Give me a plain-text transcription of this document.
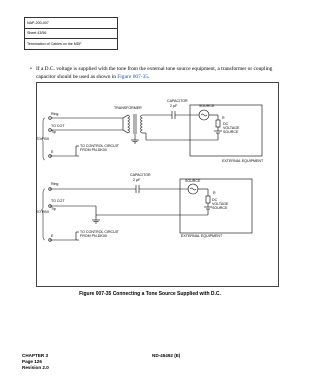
NAP-200-007
Sheet 43/56
Termination of Cables on the MDF
• If a D.C. voltage is supplied with the tone from the external tone source equipment, a transformer or coupling capacitor should be used as shown in Figure 007-35.
Ring
TRANSFORMER
CAPACITOR
2 μF	SOURCE
R
DC
VOLTAGE
SOURCE
TO COT
Tip
TO PBX
E
TO CONTROL CIRCUIT
FROM PN-DK00
EXTERNAL EQUIPMENT
CAPACITOR
2 μF
Ring
SOURCE
R
DC
VOLTAGE
SOURCE
TO COT
Tip
TO PBX
E
TO CONTROL CIRCUIT
FROM PN-DK00	EXTERNAL EQUIPMENT
Figure 007-35 Connecting a Tone Source Supplied with D.C.
CHAPTER 3
Page 126
Revision 2.0
ND-45492 (E)
